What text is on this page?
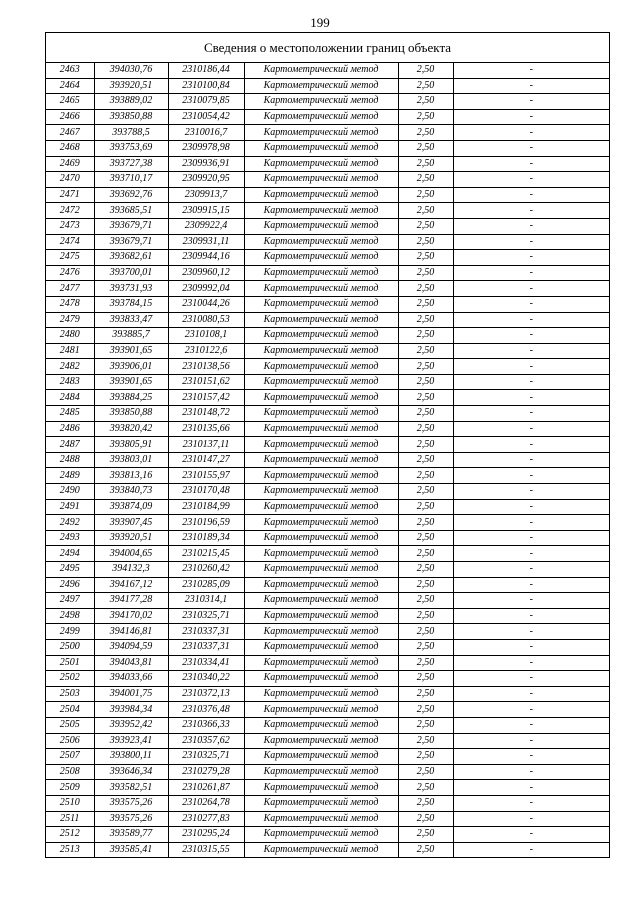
199
Сведения о местоположении границ объекта
2463	394030,76	2310186,44	Картометрический метод	2,50	-
2464	393920,51	2310100,84	Картометрический метод	2,50	-
2465	393889,02	2310079,85	Картометрический метод	2,50	-
2466	393850,88	2310054,42	Картометрический метод	2,50	-
2467	393788,5	2310016,7	Картометрический метод	2,50	-
2468	393753,69	2309978,98	Картометрический метод	2,50	-
2469	393727,38	2309936,91	Картометрический метод	2,50	-
2470	393710,17	2309920,95	Картометрический метод	2,50	-
2471	393692,76	2309913,7	Картометрический метод	2,50	-
2472	393685,51	2309915,15	Картометрический метод	2,50	-
2473	393679,71	2309922,4	Картометрический метод	2,50	-
2474	393679,71	2309931,11	Картометрический метод	2,50	-
2475	393682,61	2309944,16	Картометрический метод	2,50	-
2476	393700,01	2309960,12	Картометрический метод	2,50	-
2477	393731,93	2309992,04	Картометрический метод	2,50	-
2478	393784,15	2310044,26	Картометрический метод	2,50	-
2479	393833,47	2310080,53	Картометрический метод	2,50	-
2480	393885,7	2310108,1	Картометрический метод	2,50	-
2481	393901,65	2310122,6	Картометрический метод	2,50	-
2482	393906,01	2310138,56	Картометрический метод	2,50	-
2483	393901,65	2310151,62	Картометрический метод	2,50	-
2484	393884,25	2310157,42	Картометрический метод	2,50	-
2485	393850,88	2310148,72	Картометрический метод	2,50	-
2486	393820,42	2310135,66	Картометрический метод	2,50	-
2487	393805,91	2310137,11	Картометрический метод	2,50	-
2488	393803,01	2310147,27	Картометрический метод	2,50	-
2489	393813,16	2310155,97	Картометрический метод	2,50	-
2490	393840,73	2310170,48	Картометрический метод	2,50	-
2491	393874,09	2310184,99	Картометрический метод	2,50	-
2492	393907,45	2310196,59	Картометрический метод	2,50	-
2493	393920,51	2310189,34	Картометрический метод	2,50	-
2494	394004,65	2310215,45	Картометрический метод	2,50	-
2495	394132,3	2310260,42	Картометрический метод	2,50	-
2496	394167,12	2310285,09	Картометрический метод	2,50	-
2497	394177,28	2310314,1	Картометрический метод	2,50	-
2498	394170,02	2310325,71	Картометрический метод	2,50	-
2499	394146,81	2310337,31	Картометрический метод	2,50	-
2500	394094,59	2310337,31	Картометрический метод	2,50	-
2501	394043,81	2310334,41	Картометрический метод	2,50	-
2502	394033,66	2310340,22	Картометрический метод	2,50	-
2503	394001,75	2310372,13	Картометрический метод	2,50	-
2504	393984,34	2310376,48	Картометрический метод	2,50	-
2505	393952,42	2310366,33	Картометрический метод	2,50	-
2506	393923,41	2310357,62	Картометрический метод	2,50	-
2507	393800,11	2310325,71	Картометрический метод	2,50	-
2508	393646,34	2310279,28	Картометрический метод	2,50	-
2509	393582,51	2310261,87	Картометрический метод	2,50	-
2510	393575,26	2310264,78	Картометрический метод	2,50	-
2511	393575,26	2310277,83	Картометрический метод	2,50	-
2512	393589,77	2310295,24	Картометрический метод	2,50	-
2513	393585,41	2310315,55	Картометрический метод	2,50	-
